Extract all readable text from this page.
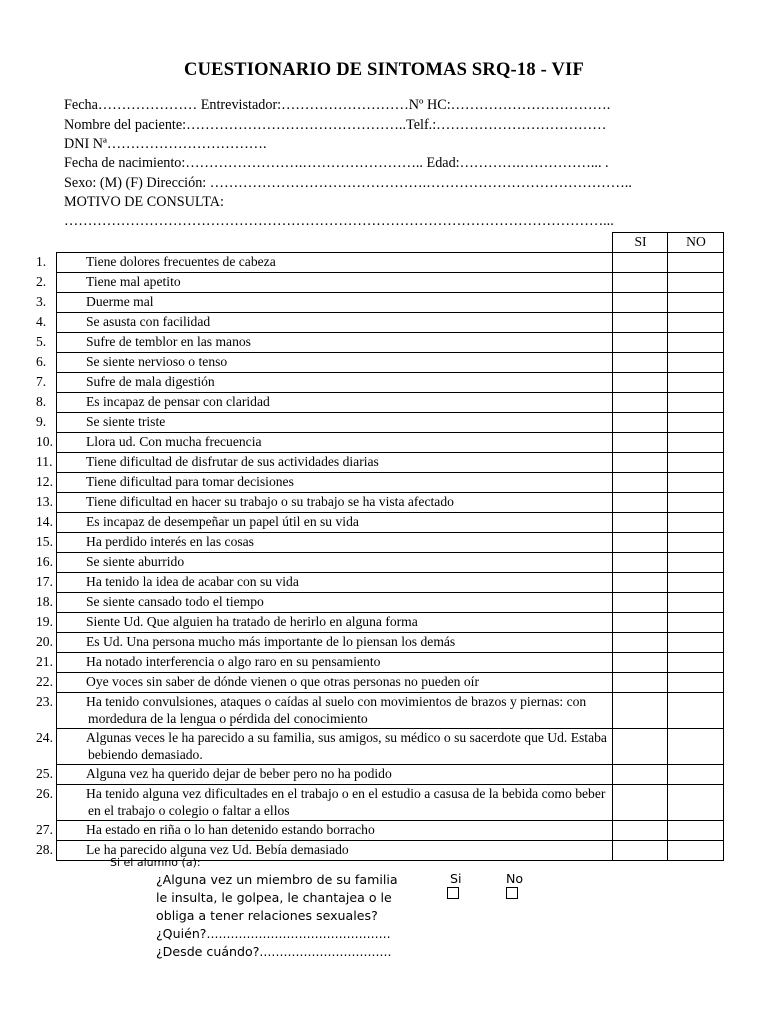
CUESTIONARIO DE SINTOMAS SRQ-18 - VIF
Fecha………………… Entrevistador:………………………Nº HC:…………………………….
Nombre del paciente:………………………………………..Telf.:………………………………
DNI Nª…………………………….
Fecha de nacimiento:…………………….…………………….. Edad:………….……………... .
Sexo: (M) (F) Dirección: ……………………………………….……………………………………..
MOTIVO DE CONSULTA:
……………………………………………………………………………………………………...
	SI	NO

1. Tiene dolores frecuentes de cabeza		

2. Tiene mal apetito		

3. Duerme mal		

4. Se asusta con facilidad		

5. Sufre de temblor en las manos		

6. Se siente nervioso o tenso		

7. Sufre de mala digestión		

8. Es incapaz de pensar con claridad		

9. Se siente triste		

10. Llora ud. Con mucha frecuencia		

11. Tiene dificultad de disfrutar de sus actividades diarias		

12. Tiene dificultad para tomar decisiones		

13. Tiene dificultad en hacer su trabajo o su trabajo se ha vista afectado		

14. Es incapaz de desempeñar un papel útil en su vida		

15. Ha perdido interés en las cosas		

16. Se siente aburrido		

17. Ha tenido la idea de acabar con su vida		

18. Se siente cansado todo el tiempo		

19. Siente Ud. Que alguien ha tratado de herirlo en alguna forma		

20. Es Ud. Una persona mucho más importante de lo piensan los demás		

21. Ha notado interferencia o algo raro en su pensamiento		

22. Oye voces sin saber de dónde vienen o que otras personas no pueden oír		

23. Ha tenido convulsiones, ataques o caídas al suelo con movimientos de brazos y piernas: con mordedura de la lengua o pérdida del conocimiento		

24. Algunas veces le ha parecido a su familia, sus amigos, su médico o su sacerdote que Ud. Estaba bebiendo demasiado.		

25. Alguna vez ha querido dejar de beber pero no ha podido		

26. Ha tenido alguna vez dificultades en el trabajo o en el estudio a casusa de la bebida como beber en el trabajo o colegio o faltar a ellos		

27. Ha estado en riña o lo han detenido estando borracho		

28. Le ha parecido alguna vez Ud. Bebía demasiado		

Si el alumno (a):
¿Alguna vez un miembro de su familia
le insulta, le golpea, le chantajea o le
obliga a tener relaciones sexuales?
¿Quién?..............................................
¿Desde cuándo?.................................
Si	No
